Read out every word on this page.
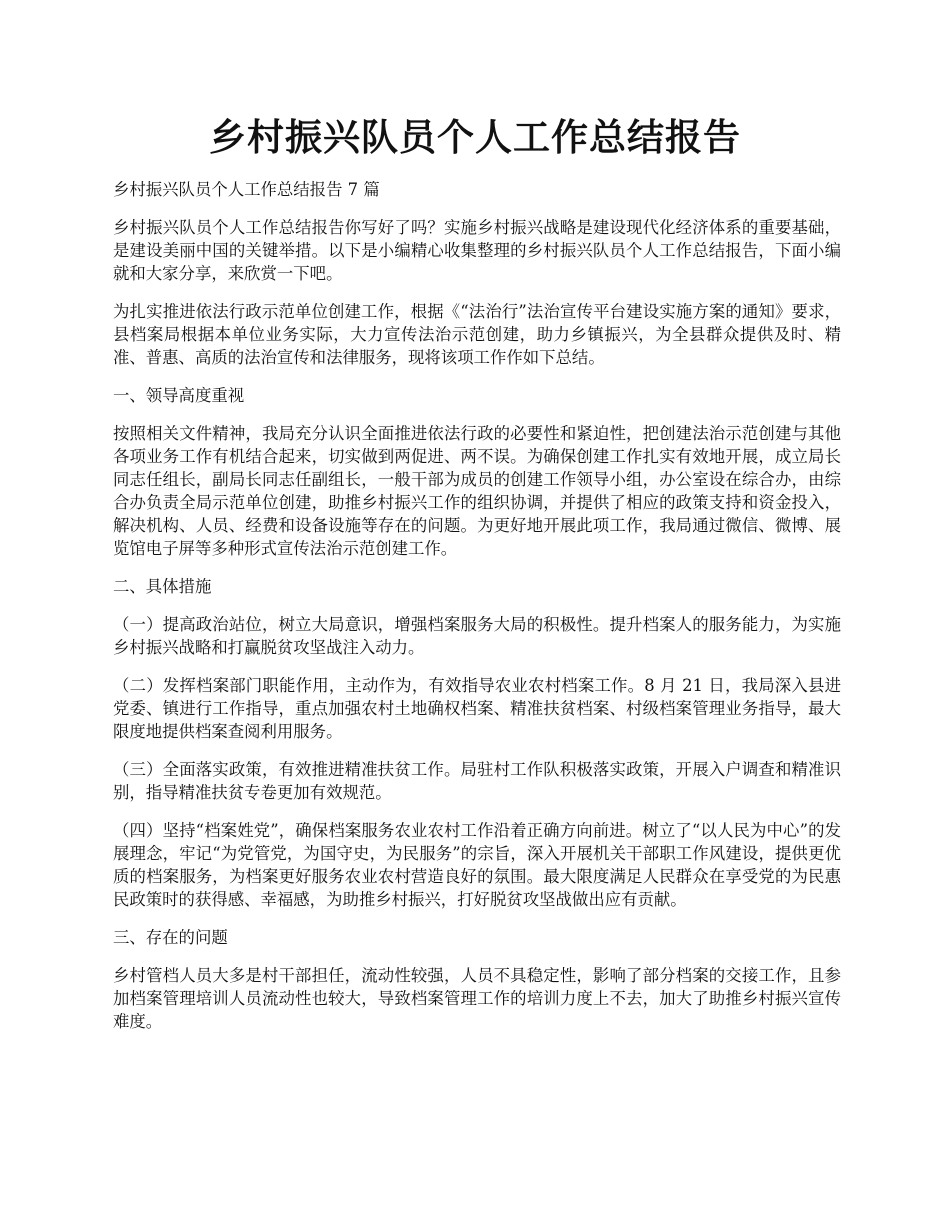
乡村振兴队员个人工作总结报告

乡村振兴队员个人工作总结报告 7 篇

乡村振兴队员个人工作总结报告你写好了吗？实施乡村振兴战略是建设现代化经济体系的重要基础，是建设美丽中国的关键举措。以下是小编精心收集整理的乡村振兴队员个人工作总结报告，下面小编就和大家分享，来欣赏一下吧。

为扎实推进依法行政示范单位创建工作，根据《“法治行”法治宣传平台建设实施方案的通知》要求，县档案局根据本单位业务实际，大力宣传法治示范创建，助力乡镇振兴，为全县群众提供及时、精准、普惠、高质的法治宣传和法律服务，现将该项工作作如下总结。

一、领导高度重视

按照相关文件精神，我局充分认识全面推进依法行政的必要性和紧迫性，把创建法治示范创建与其他各项业务工作有机结合起来，切实做到两促进、两不误。为确保创建工作扎实有效地开展，成立局长同志任组长，副局长同志任副组长，一般干部为成员的创建工作领导小组，办公室设在综合办，由综合办负责全局示范单位创建，助推乡村振兴工作的组织协调，并提供了相应的政策支持和资金投入，解决机构、人员、经费和设备设施等存在的问题。为更好地开展此项工作，我局通过微信、微博、展览馆电子屏等多种形式宣传法治示范创建工作。

二、具体措施

（一）提高政治站位，树立大局意识，增强档案服务大局的积极性。提升档案人的服务能力，为实施乡村振兴战略和打赢脱贫攻坚战注入动力。

（二）发挥档案部门职能作用，主动作为，有效指导农业农村档案工作。8 月 21 日，我局深入县进党委、镇进行工作指导，重点加强农村土地确权档案、精准扶贫档案、村级档案管理业务指导，最大限度地提供档案查阅利用服务。

（三）全面落实政策，有效推进精准扶贫工作。局驻村工作队积极落实政策，开展入户调查和精准识别，指导精准扶贫专卷更加有效规范。

（四）坚持“档案姓党”，确保档案服务农业农村工作沿着正确方向前进。树立了“以人民为中心”的发展理念，牢记“为党管党，为国守史，为民服务”的宗旨，深入开展机关干部职工作风建设，提供更优质的档案服务，为档案更好服务农业农村营造良好的氛围。最大限度满足人民群众在享受党的为民惠民政策时的获得感、幸福感，为助推乡村振兴，打好脱贫攻坚战做出应有贡献。

三、存在的问题

乡村管档人员大多是村干部担任，流动性较强，人员不具稳定性，影响了部分档案的交接工作，且参加档案管理培训人员流动性也较大，导致档案管理工作的培训力度上不去，加大了助推乡村振兴宣传难度。
